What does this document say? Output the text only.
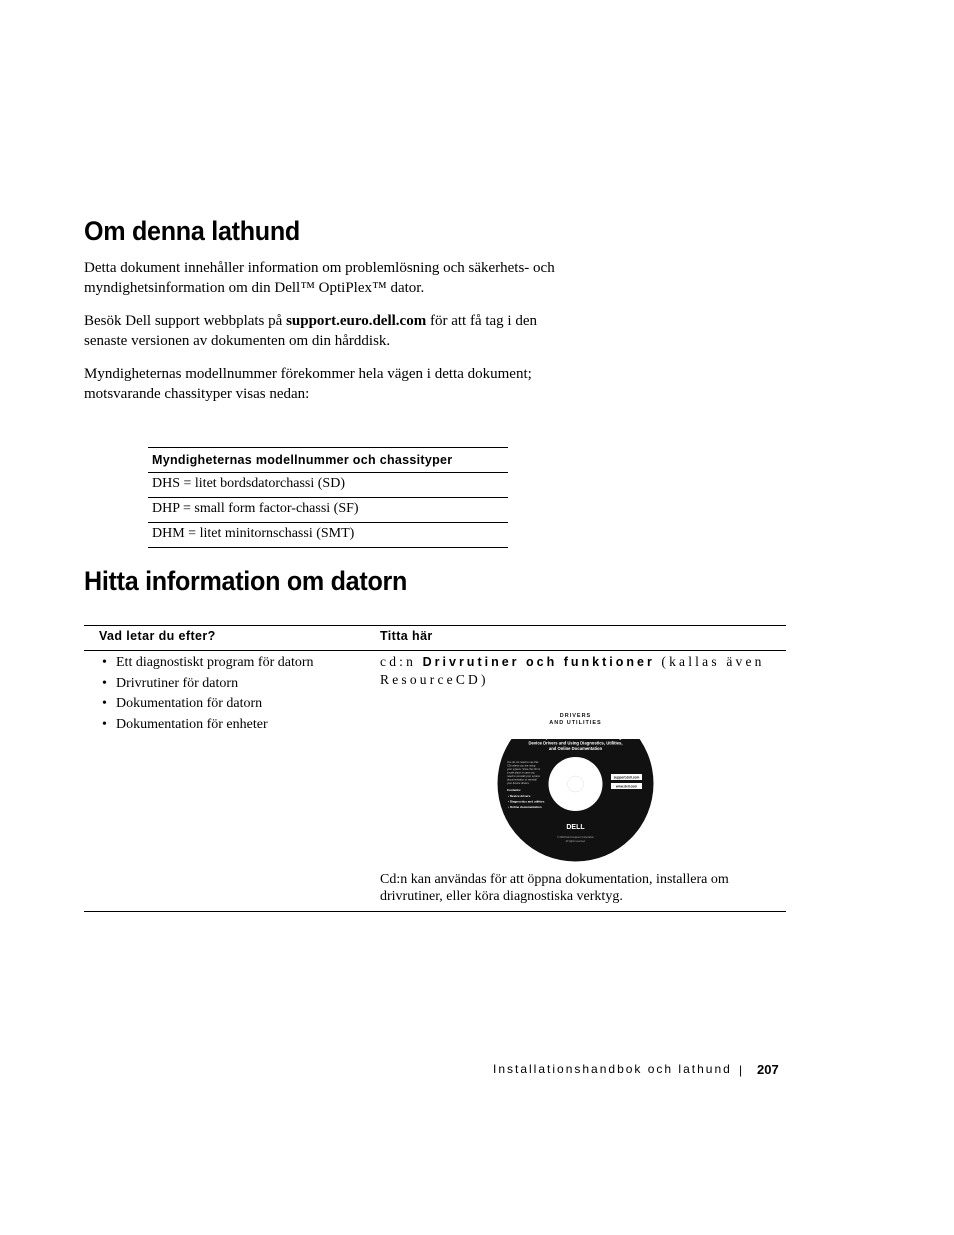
Om denna lathund

Detta dokument innehåller information om problemlösning och säkerhets- och myndighetsinformation om din Dell™ OptiPlex™ dator.

Besök Dell support webbplats på support.euro.dell.com för att få tag i den senaste versionen av dokumenten om din hårddisk.

Myndigheternas modellnummer förekommer hela vägen i detta dokument; motsvarande chassityper visas nedan:

Myndigheternas modellnummer och chassityper
DHS = litet bordsdatorchassi (SD)
DHP = small form factor-chassi (SF)
DHM = litet minitornschassi (SMT)
Hitta information om datorn
Vad letar du efter?	Titta här
• Ett diagnostiskt program för datorn
• Drivrutiner för datorn
• Dokumentation för datorn
• Dokumentation för enheter
cd:n Drivrutiner och funktioner (kallas även ResourceCD)
DRIVERS
AND UTILITIES
Dell™ OptiPlex™ ResourceCD for Reinstalling
Device Drivers and Using Diagnostics, Utilities,
and Online Documentation
You do not need to use this
CD unless you are using
your system. Store the CD in
a safe place in case you
need to reinstall your system
documentation or reinstall
your device drivers.
Contents:
• Device drivers
• Diagnostics and utilities
• Online documentation
support.dell.com
www.dell.com
DELL
© 2003 Dell Computer Corporation
All rights reserved.
Cd:n kan användas för att öppna dokumentation, installera om drivrutiner, eller köra diagnostiska verktyg.
Installationshandbok och lathund | 207
